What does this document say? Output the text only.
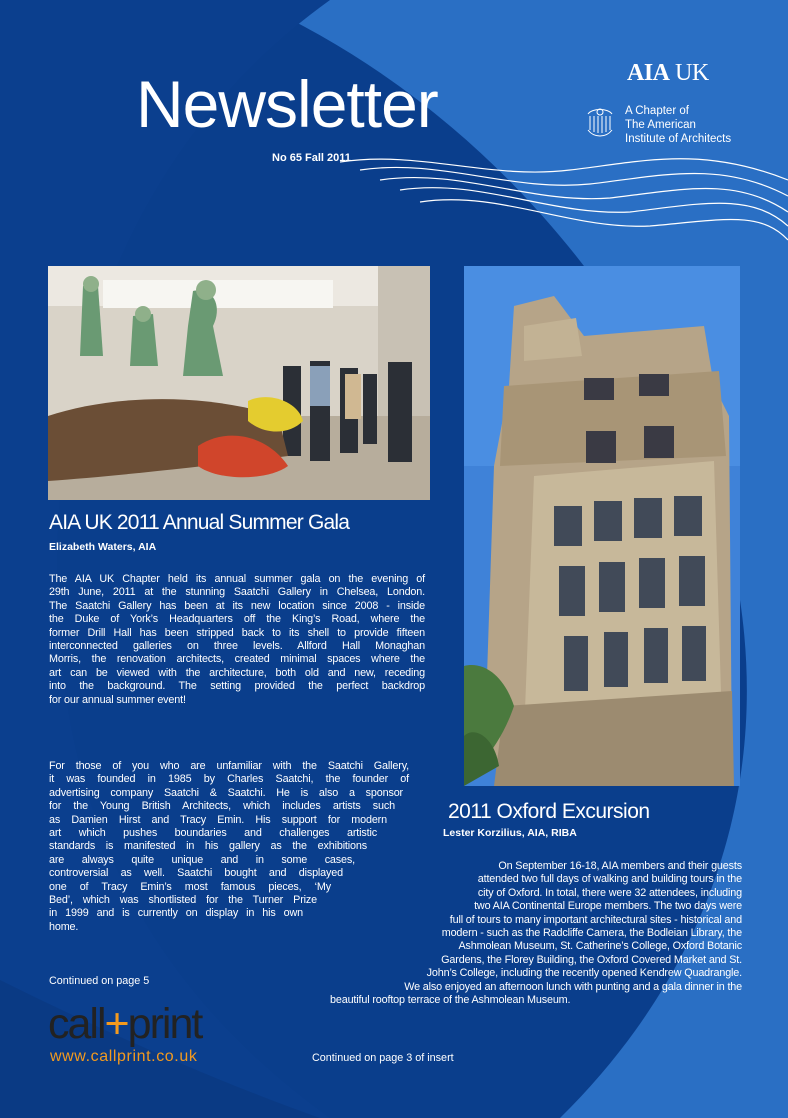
Newsletter
No 65 Fall 2011
AIA UK
A Chapter of
The American
Institute of Architects
AIA UK 2011 Annual Summer Gala
Elizabeth Waters, AIA
The AIA UK Chapter held its annual summer gala on the evening of
29th June, 2011 at the stunning Saatchi Gallery in Chelsea, London.
The Saatchi Gallery has been at its new location since 2008 - inside
the Duke of York’s Headquarters off the King’s Road, where the
former Drill Hall has been stripped back to its shell to provide fifteen
interconnected galleries on three levels. Allford Hall Monaghan
Morris, the renovation architects, created minimal spaces where the
art can be viewed with the architecture, both old and new, receding
into the background. The setting provided the perfect backdrop
for our annual summer event!
For those of you who are unfamiliar with the Saatchi Gallery,
it was founded in 1985 by Charles Saatchi, the founder of
advertising company Saatchi & Saatchi. He is also a sponsor
for the Young British Architects, which includes artists such
as Damien Hirst and Tracy Emin. His support for modern
art which pushes boundaries and challenges artistic
standards is manifested in his gallery as the exhibitions
are always quite unique and in some cases,
controversial as well. Saatchi bought and displayed
one of Tracy Emin’s most famous pieces, ‘My
Bed’, which was shortlisted for the Turner Prize
in 1999 and is currently on display in his own
home.
Continued on page 5
2011 Oxford Excursion
Lester Korzilius, AIA, RIBA
On September 16-18, AIA members and their guests
attended two full days of walking and building tours in the
city of Oxford. In total, there were 32 attendees, including
two AIA Continental Europe members. The two days were
full of tours to many important architectural sites - historical and
modern - such as the Radcliffe Camera, the Bodleian Library, the
Ashmolean Museum, St. Catherine’s College, Oxford Botanic
Gardens, the Florey Building, the Oxford Covered Market and St.
John’s College, including the recently opened Kendrew Quadrangle.
We also enjoyed an afternoon lunch with punting and a gala dinner in the
beautiful rooftop terrace of the Ashmolean Museum.
Continued on page 3 of insert
call+print
www.callprint.co.uk
